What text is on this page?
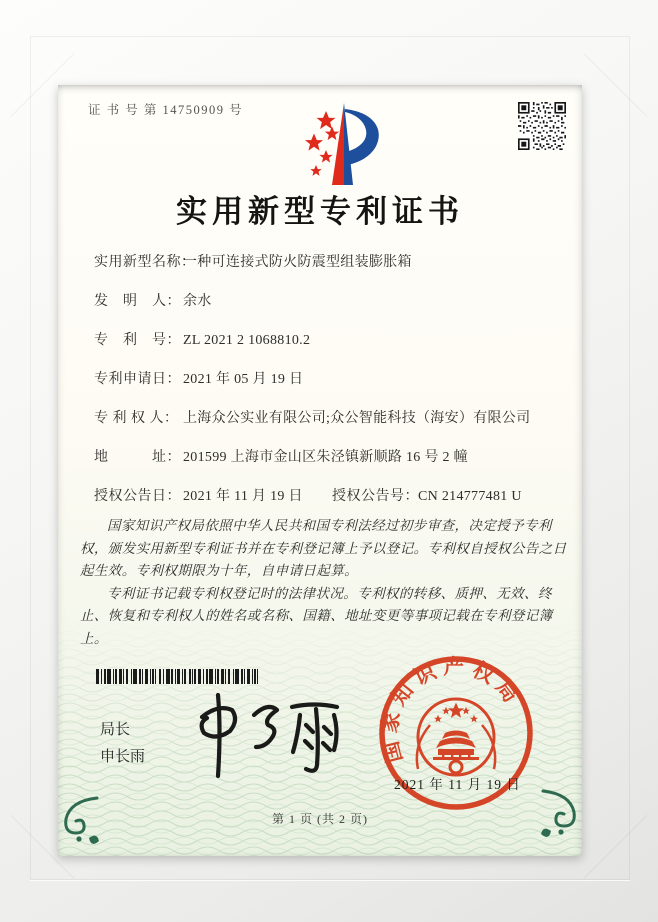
证 书 号 第 14750909 号
实用新型专利证书
实用新型名称：
一种可连接式防火防震型组装膨胀箱
发　明　人： 余水
专　利　号： ZL 2021 2 1068810.2
专利申请日： 2021 年 05 月 19 日
专 利 权 人： 上海众公实业有限公司;众公智能科技（海安）有限公司
地　　　址： 201599 上海市金山区朱泾镇新顺路 16 号 2 幢
授权公告日： 2021 年 11 月 19 日 授权公告号： CN 214777481 U

国家知识产权局依照中华人民共和国专利法经过初步审查，决定授予专利权，颁发实用新型专利证书并在专利登记簿上予以登记。专利权自授权公告之日起生效。专利权期限为十年，自申请日起算。

专利证书记载专利权登记时的法律状况。专利权的转移、质押、无效、终止、恢复和专利权人的姓名或名称、国籍、地址变更等事项记载在专利登记簿上。

局长
申长雨	国家知识产权局
2021 年 11 月 19 日
第 1 页 (共 2 页)
